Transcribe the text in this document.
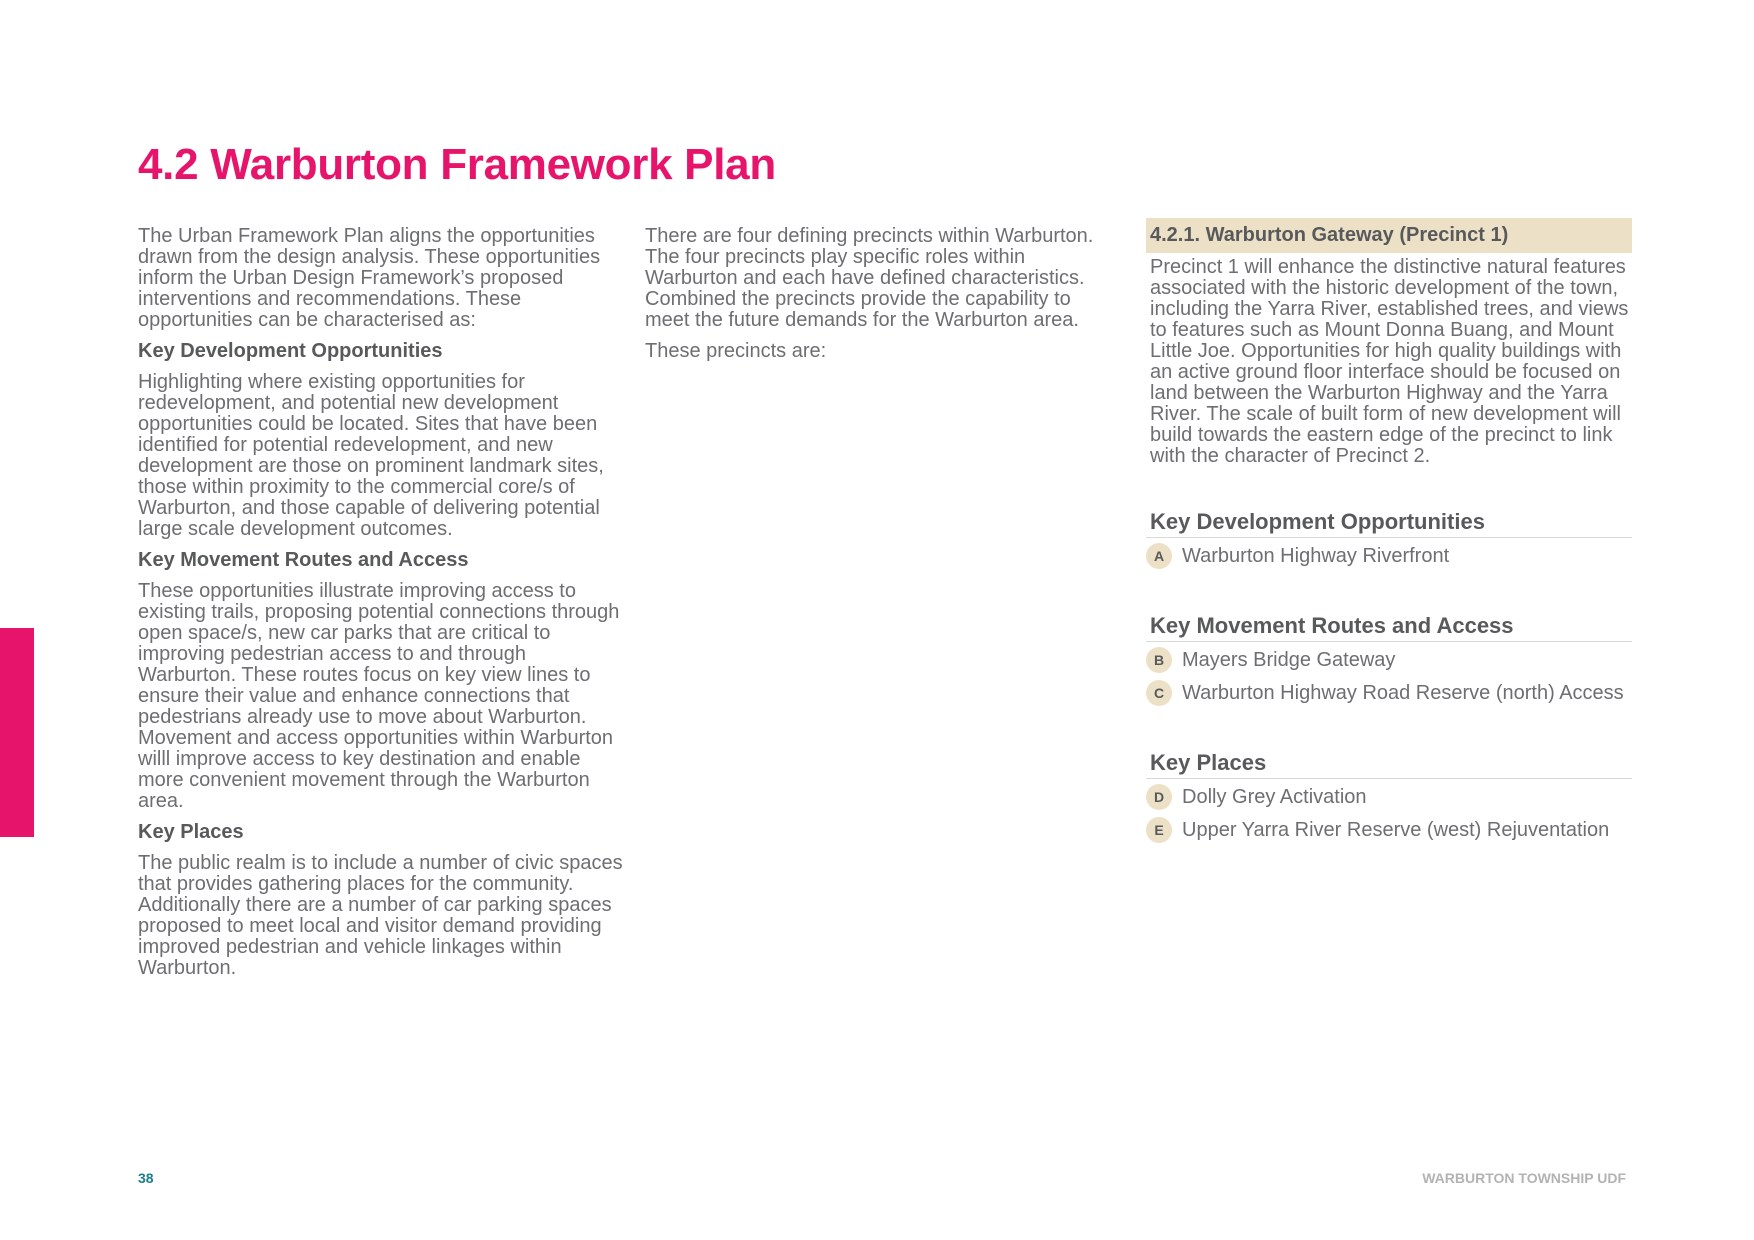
4.2 Warburton Framework Plan

The Urban Framework Plan aligns the opportunities drawn from the design analysis. These opportunities inform the Urban Design Framework’s proposed interventions and recommendations. These opportunities can be characterised as:

Key Development Opportunities

Highlighting where existing opportunities for redevelopment, and potential new development opportunities could be located. Sites that have been identified for potential redevelopment, and new development are those on prominent landmark sites, those within proximity to the commercial core/s of Warburton, and those capable of delivering potential large scale development outcomes.

Key Movement Routes and Access

These opportunities illustrate improving access to existing trails, proposing potential connections through open space/s, new car parks that are critical to improving pedestrian access to and through Warburton. These routes focus on key view lines to ensure their value and enhance connections that pedestrians already use to move about Warburton. Movement and access opportunities within Warburton willl improve access to key destination and enable more convenient movement through the Warburton area.

Key Places

The public realm is to include a number of civic spaces that provides gathering places for the community. Additionally there are a number of car parking spaces proposed to meet local and visitor demand providing improved pedestrian and vehicle linkages within Warburton.

There are four defining precincts within Warburton. The four precincts play specific roles within Warburton and each have defined characteristics. Combined the precincts provide the capability to meet the future demands for the Warburton area.

These precincts are:

4.2.1. Warburton Gateway (Precinct 1)

Precinct 1 will enhance the distinctive natural features associated with the historic development of the town, including the Yarra River, established trees, and views to features such as Mount Donna Buang, and Mount Little Joe. Opportunities for high quality buildings with an active ground floor interface should be focused on land between the Warburton Highway and the Yarra River. The scale of built form of new development will build towards the eastern edge of the precinct to link with the character of Precinct 2.

Key Development Opportunities
A Warburton Highway Riverfront
Key Movement Routes and Access
B Mayers Bridge Gateway
C Warburton Highway Road Reserve (north) Access
Key Places
D Dolly Grey Activation
E Upper Yarra River Reserve (west) Rejuventation
38	WARBURTON TOWNSHIP UDF
